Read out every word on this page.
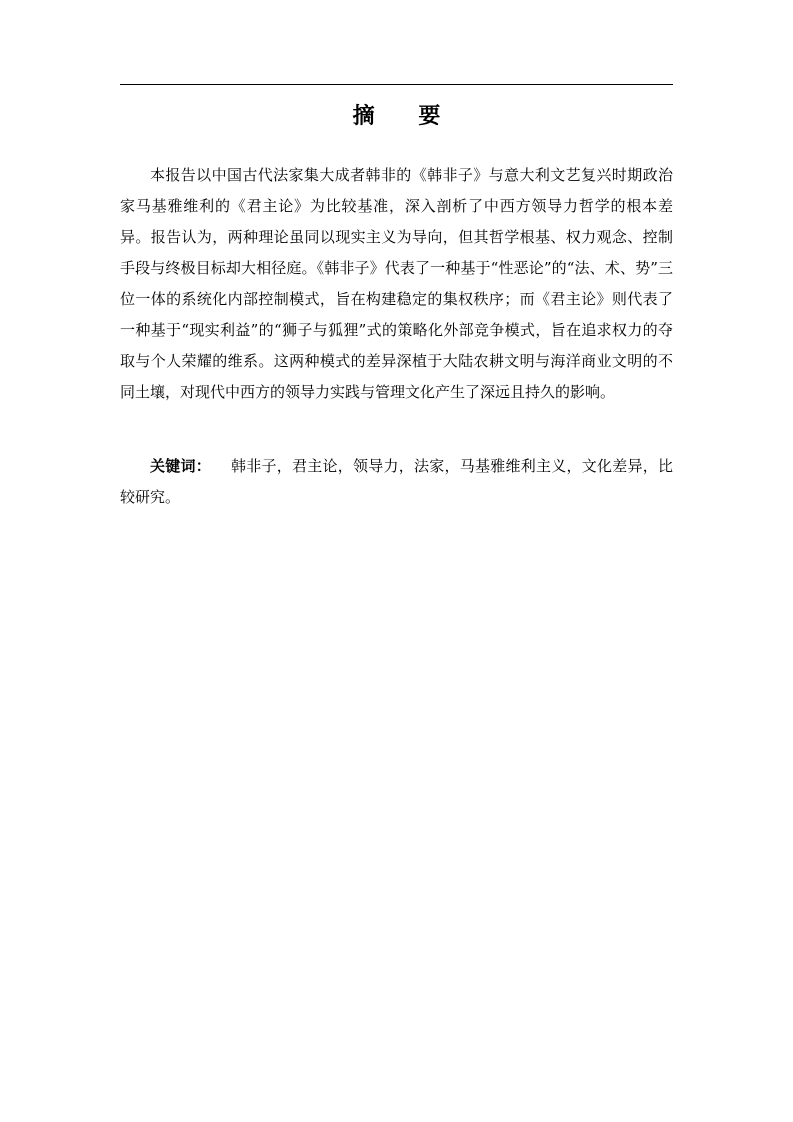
摘 要

本报告以中国古代法家集大成者韩非的《韩非子》与意大利文艺复兴时期政治家马基雅维利的《君主论》为比较基准，深入剖析了中西方领导力哲学的根本差异。报告认为，两种理论虽同以现实主义为导向，但其哲学根基、权力观念、控制手段与终极目标却大相径庭。《韩非子》代表了一种基于“性恶论”的“法、术、势”三位一体的系统化内部控制模式，旨在构建稳定的集权秩序；而《君主论》则代表了一种基于“现实利益”的“狮子与狐狸”式的策略化外部竞争模式，旨在追求权力的夺取与个人荣耀的维系。这两种模式的差异深植于大陆农耕文明与海洋商业文明的不同土壤，对现代中西方的领导力实践与管理文化产生了深远且持久的影响。

关键词： 韩非子，君主论，领导力，法家，马基雅维利主义，文化差异，比较研究。
